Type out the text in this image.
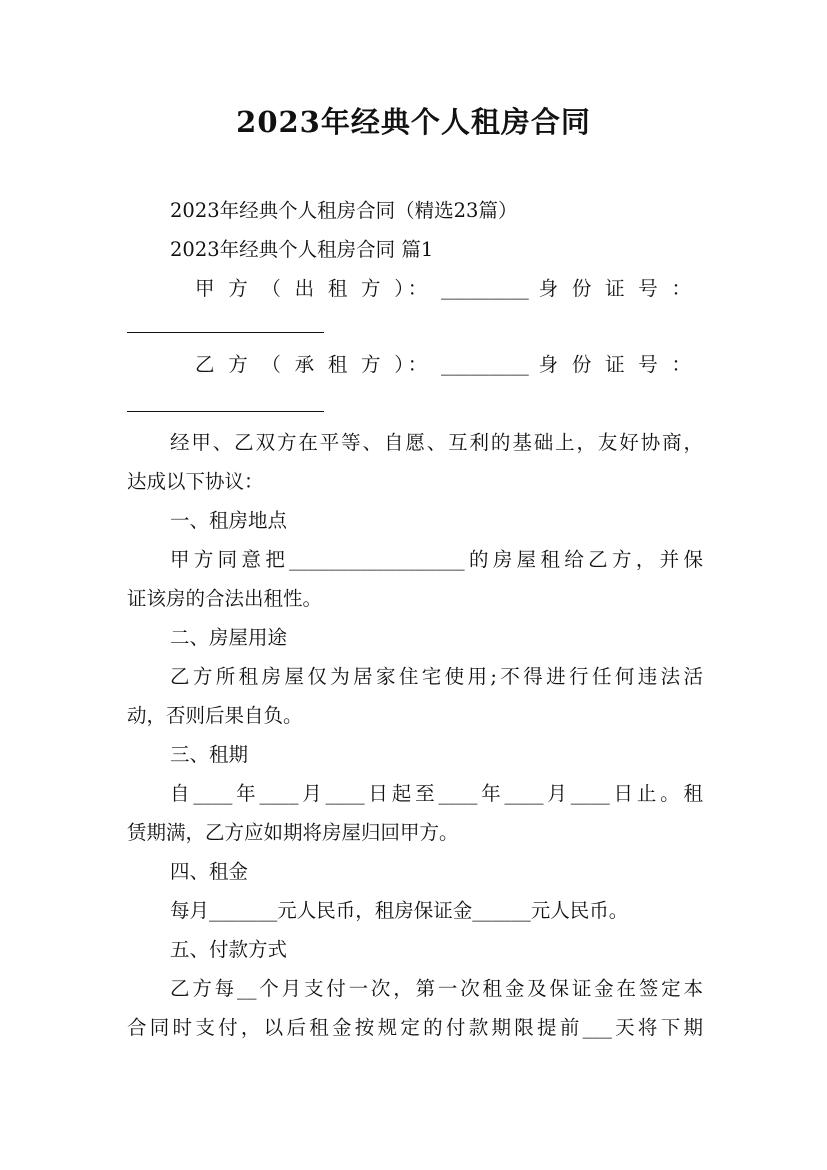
2023年经典个人租房合同
2023年经典个人租房合同（精选23篇）
2023年经典个人租房合同 篇1
甲 方 （ 出 租 方 ）： _________ 身 份 证 号 ：
乙 方 （ 承 租 方 ）： _________ 身 份 证 号 ：
经甲、乙双方在平等、自愿、互利的基础上，友好协商，
达成以下协议：
一、租房地点
甲方同意把__________________的房屋租给乙方，并保
证该房的合法出租性。
二、房屋用途
乙方所租房屋仅为居家住宅使用;不得进行任何违法活
动，否则后果自负。
三、租期
自____年____月____日起至____年____月____日止。租
赁期满，乙方应如期将房屋归回甲方。
四、租金
每月_______元人民币，租房保证金______元人民币。
五、付款方式
乙方每__个月支付一次，第一次租金及保证金在签定本
合同时支付，以后租金按规定的付款期限提前___天将下期
